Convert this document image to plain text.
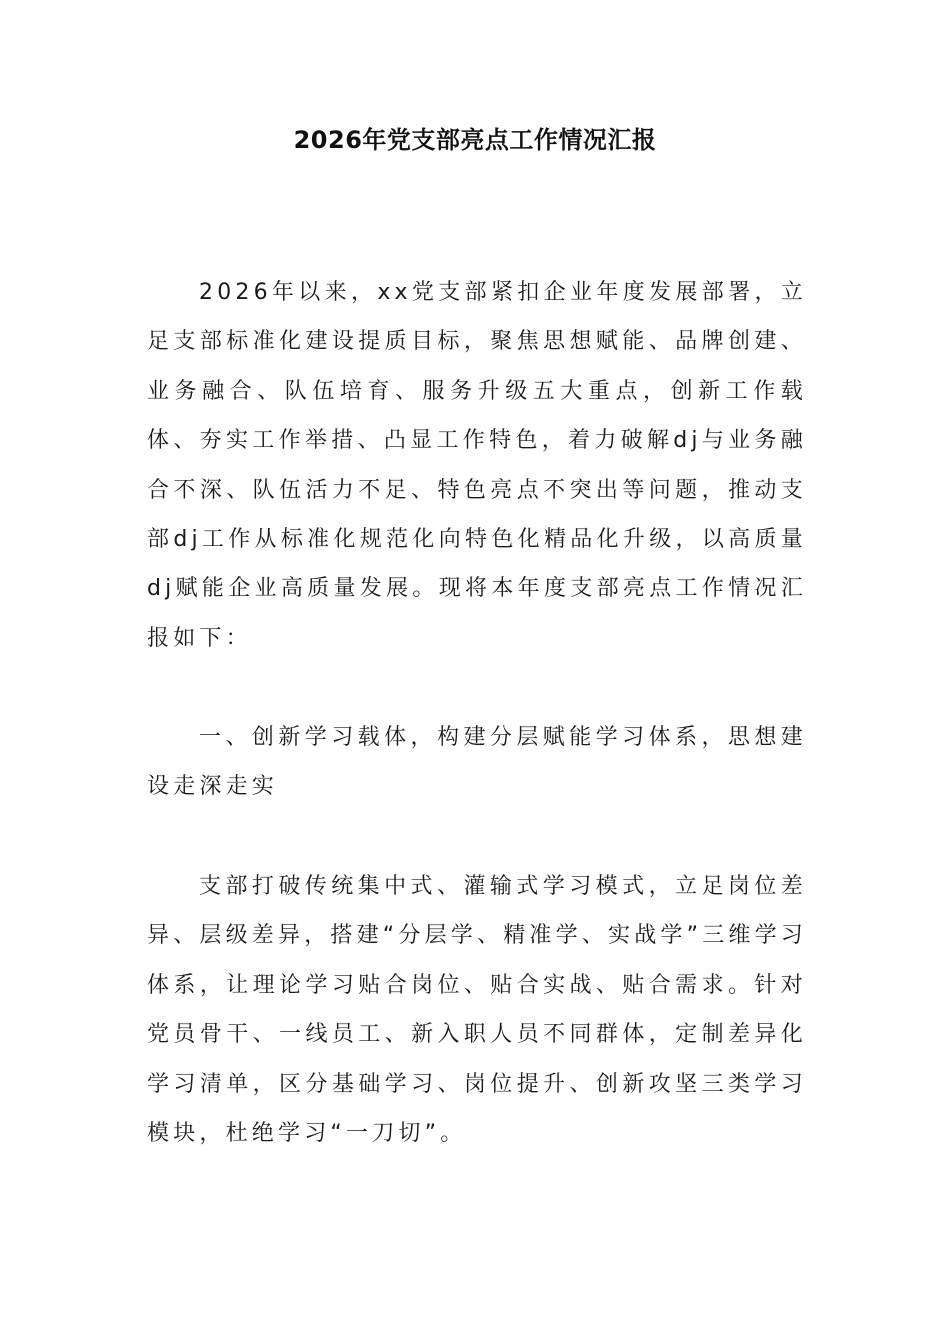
2026年党支部亮点工作情况汇报

2026年以来，xx党支部紧扣企业年度发展部署，立足支部标准化建设提质目标，聚焦思想赋能、品牌创建、业务融合、队伍培育、服务升级五大重点，创新工作载体、夯实工作举措、凸显工作特色，着力破解dj与业务融合不深、队伍活力不足、特色亮点不突出等问题，推动支部dj工作从标准化规范化向特色化精品化升级，以高质量dj赋能企业高质量发展。现将本年度支部亮点工作情况汇报如下：

一、创新学习载体，构建分层赋能学习体系，思想建设走深走实

支部打破传统集中式、灌输式学习模式，立足岗位差异、层级差异，搭建“分层学、精准学、实战学”三维学习体系，让理论学习贴合岗位、贴合实战、贴合需求。针对党员骨干、一线员工、新入职人员不同群体，定制差异化学习清单，区分基础学习、岗位提升、创新攻坚三类学习模块，杜绝学习“一刀切”。
